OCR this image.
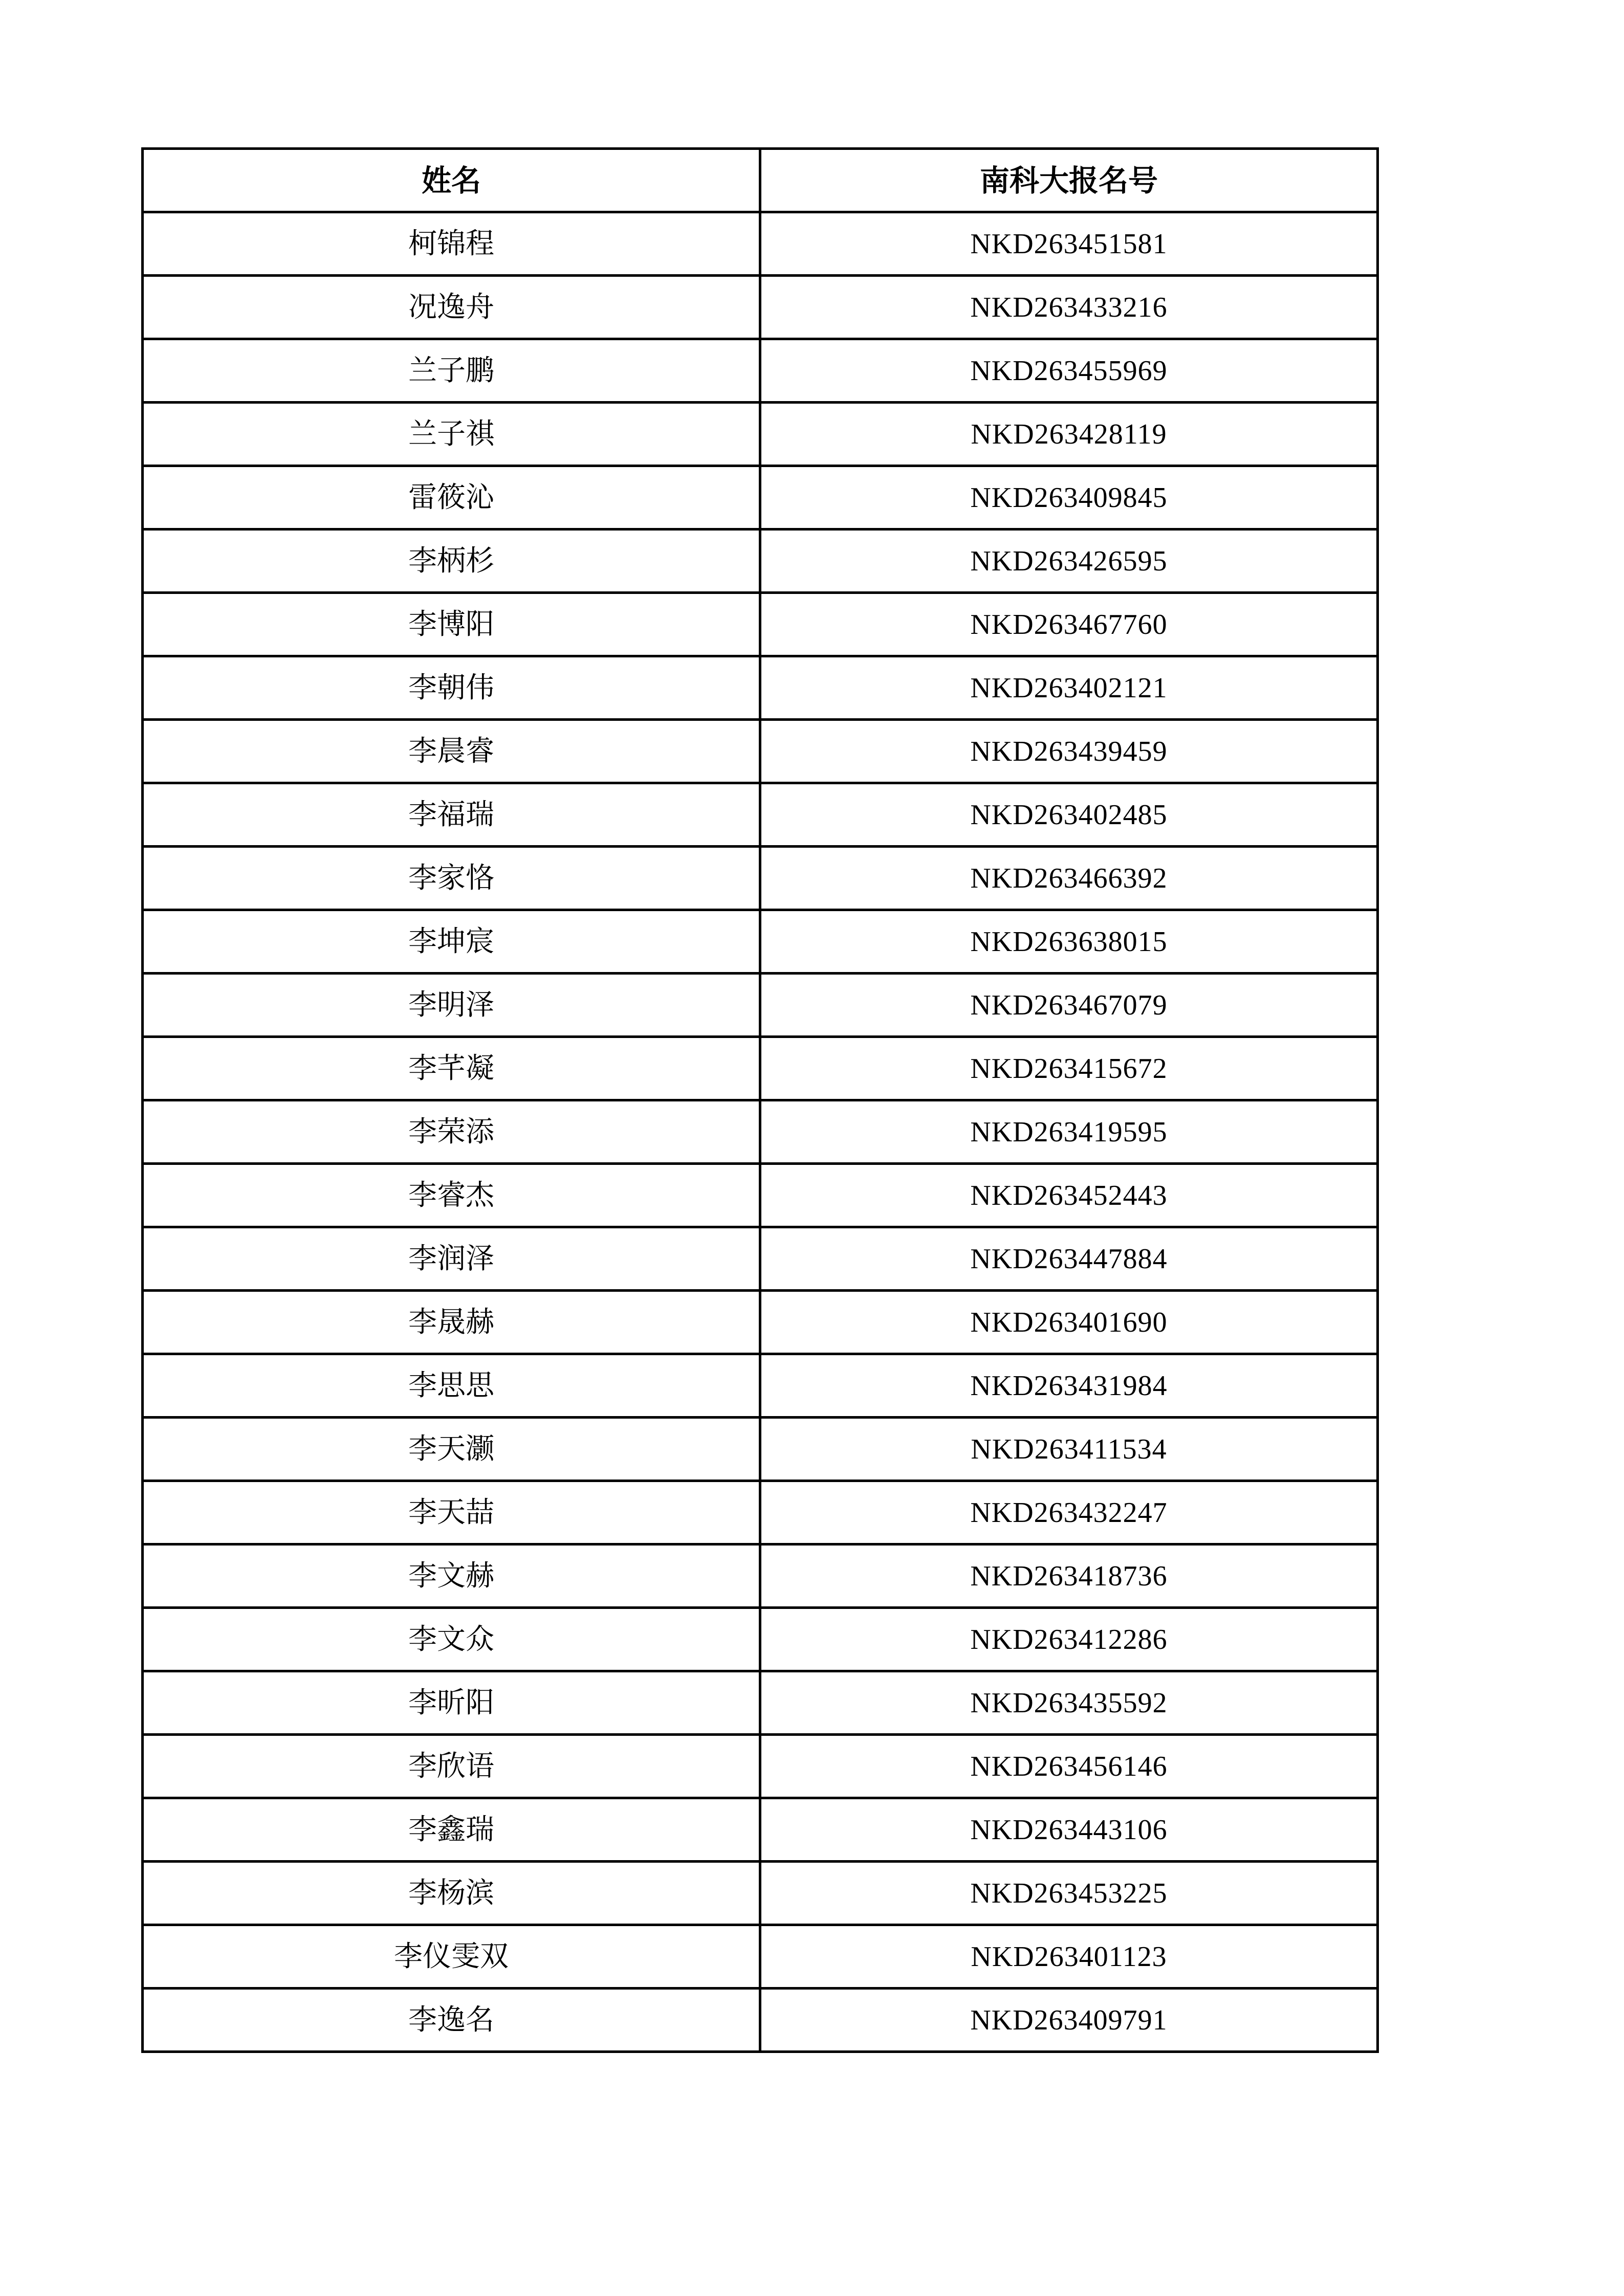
姓名	南科大报名号
柯锦程	NKD263451581
况逸舟	NKD263433216
兰子鹏	NKD263455969
兰子祺	NKD263428119
雷筱沁	NKD263409845
李柄杉	NKD263426595
李博阳	NKD263467760
李朝伟	NKD263402121
李晨睿	NKD263439459
李福瑞	NKD263402485
李家恪	NKD263466392
李坤宸	NKD263638015
李明泽	NKD263467079
李芊凝	NKD263415672
李荣添	NKD263419595
李睿杰	NKD263452443
李润泽	NKD263447884
李晟赫	NKD263401690
李思思	NKD263431984
李天灏	NKD263411534
李天喆	NKD263432247
李文赫	NKD263418736
李文众	NKD263412286
李昕阳	NKD263435592
李欣语	NKD263456146
李鑫瑞	NKD263443106
李杨滨	NKD263453225
李仪雯双	NKD263401123
李逸名	NKD263409791
